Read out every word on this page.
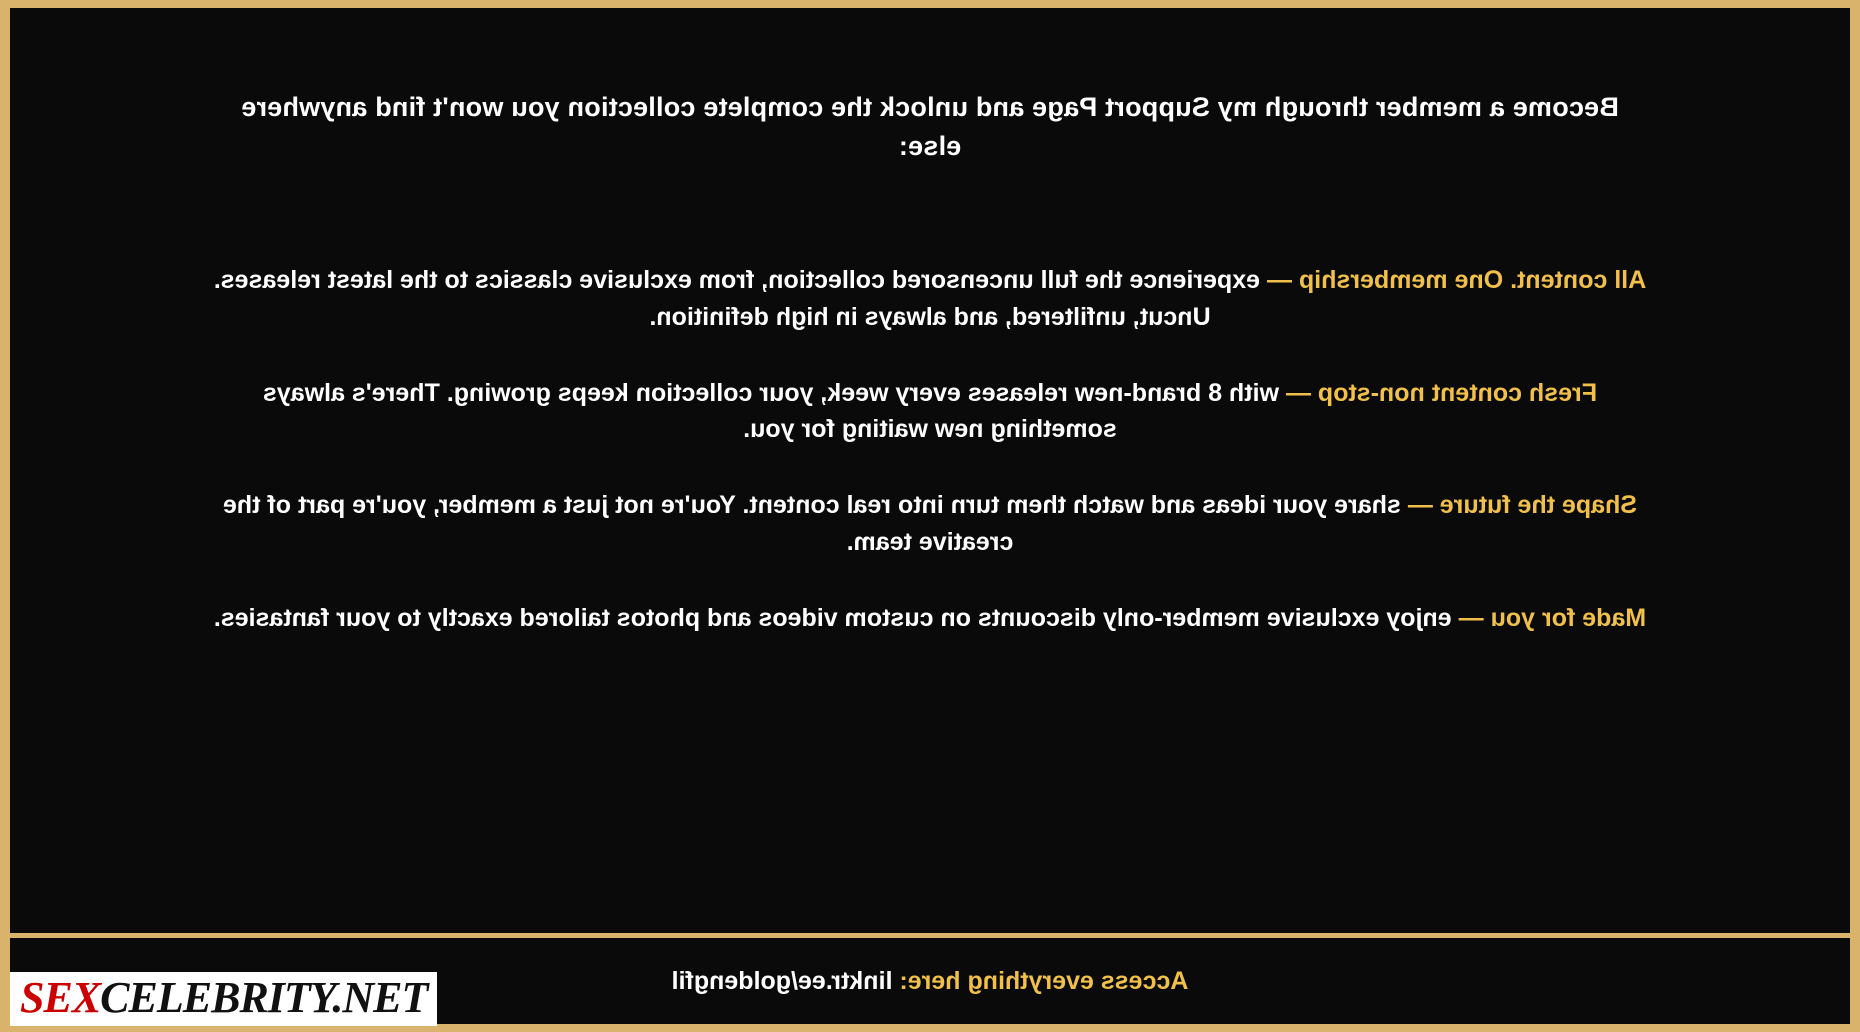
Become a member through my Support Page and unlock the complete collection you won't find anywhere else:
All content. One membership — experience the full uncensored collection, from exclusive classics to the latest releases. Uncut, unfiltered, and always in high definition.
Fresh content non-stop — with 8 brand-new releases every week, your collection keeps growing. There's always something new waiting for you.
Shape the future — share your ideas and watch them turn into real content. You're not just a member, you're part of the creative team.
Made for you — enjoy exclusive member-only discounts on custom videos and photos tailored exactly to your fantasies.
Access everything here: linktr.ee/goldengfil
SEXCELEBRITY.NET
